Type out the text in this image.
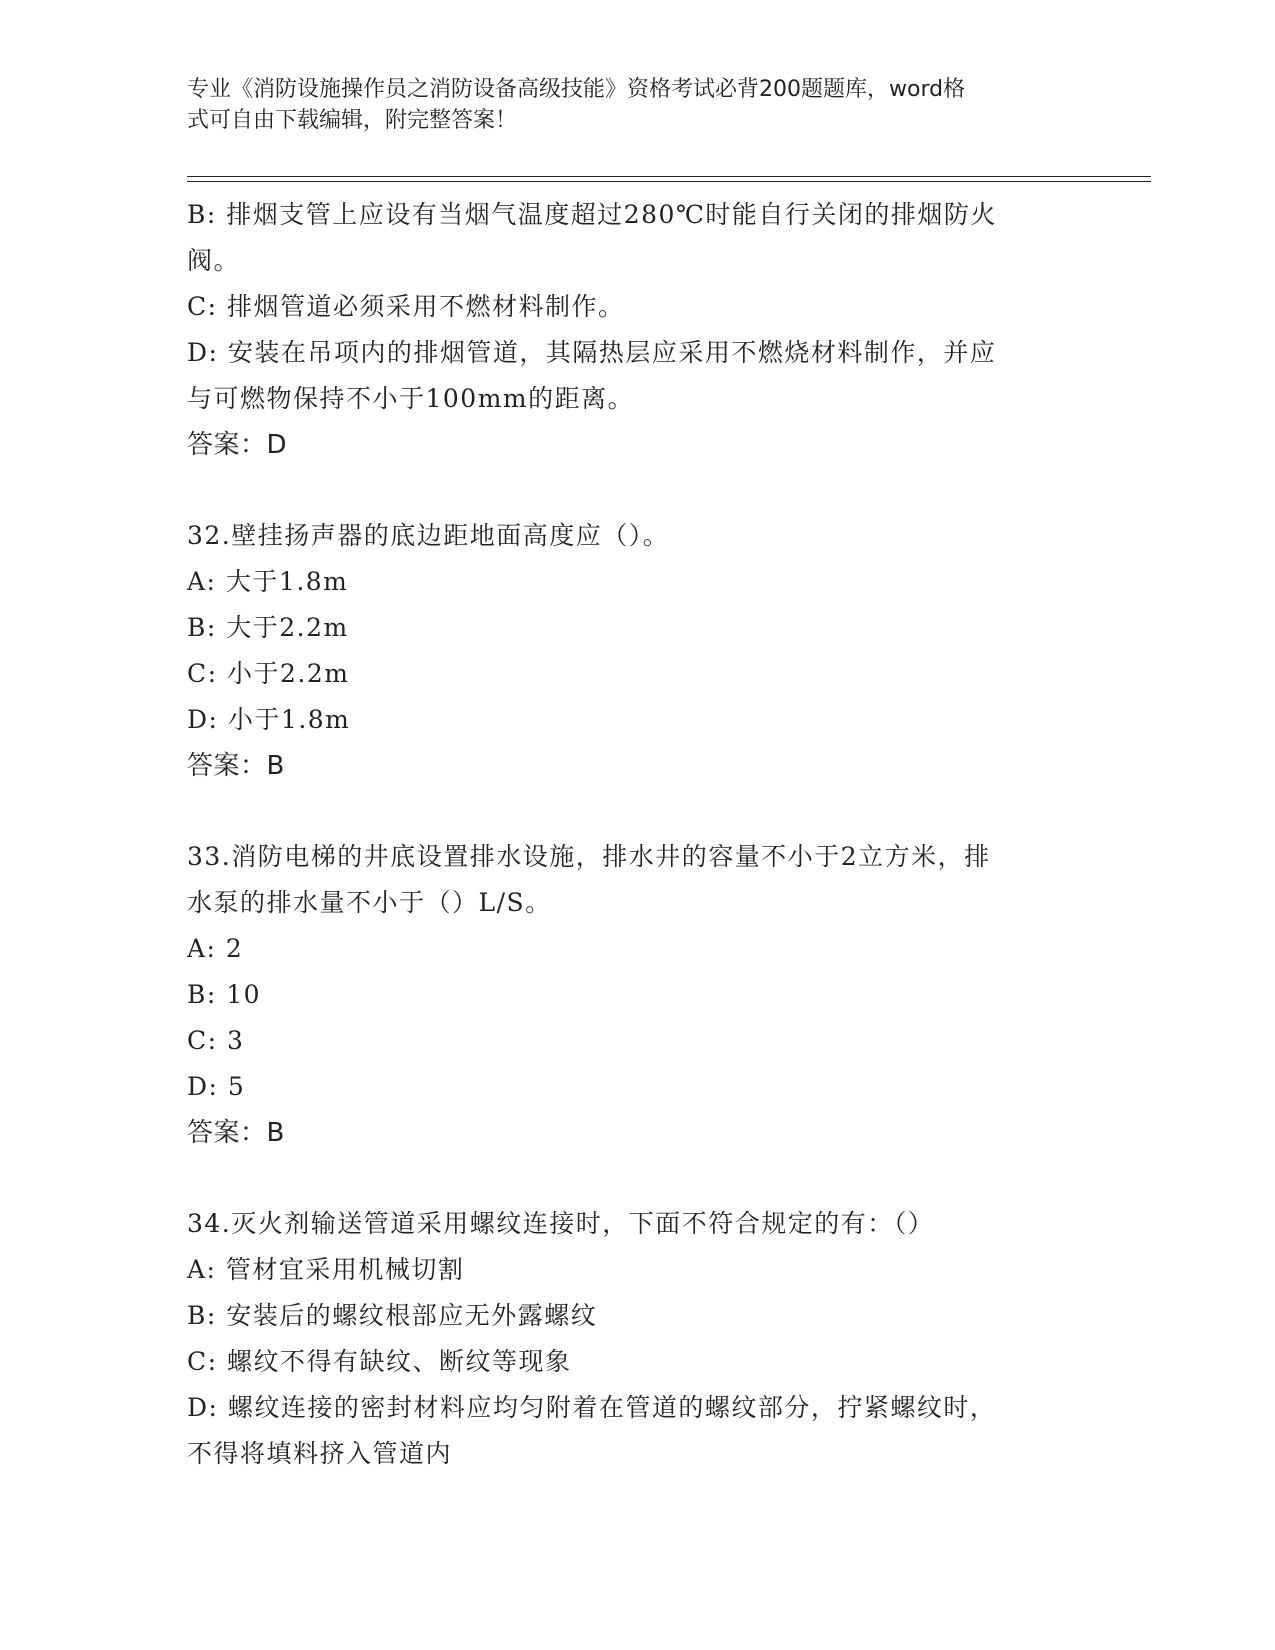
专业《消防设施操作员之消防设备高级技能》资格考试必背200题题库，word格
式可自由下载编辑，附完整答案！
B: 排烟支管上应设有当烟气温度超过280℃时能自行关闭的排烟防火
阀。
C: 排烟管道必须采用不燃材料制作。
D: 安装在吊项内的排烟管道，其隔热层应采用不燃烧材料制作，并应
与可燃物保持不小于100mm的距离。
答案：D
32.壁挂扬声器的底边距地面高度应（）。
A: 大于1.8m
B: 大于2.2m
C: 小于2.2m
D: 小于1.8m
答案：B
33.消防电梯的井底设置排水设施，排水井的容量不小于2立方米，排
水泵的排水量不小于（）L/S。
A: 2
B: 10
C: 3
D: 5
答案：B
34.灭火剂输送管道采用螺纹连接时，下面不符合规定的有：（）
A: 管材宜采用机械切割
B: 安装后的螺纹根部应无外露螺纹
C: 螺纹不得有缺纹、断纹等现象
D: 螺纹连接的密封材料应均匀附着在管道的螺纹部分，拧紧螺纹时，
不得将填料挤入管道内
